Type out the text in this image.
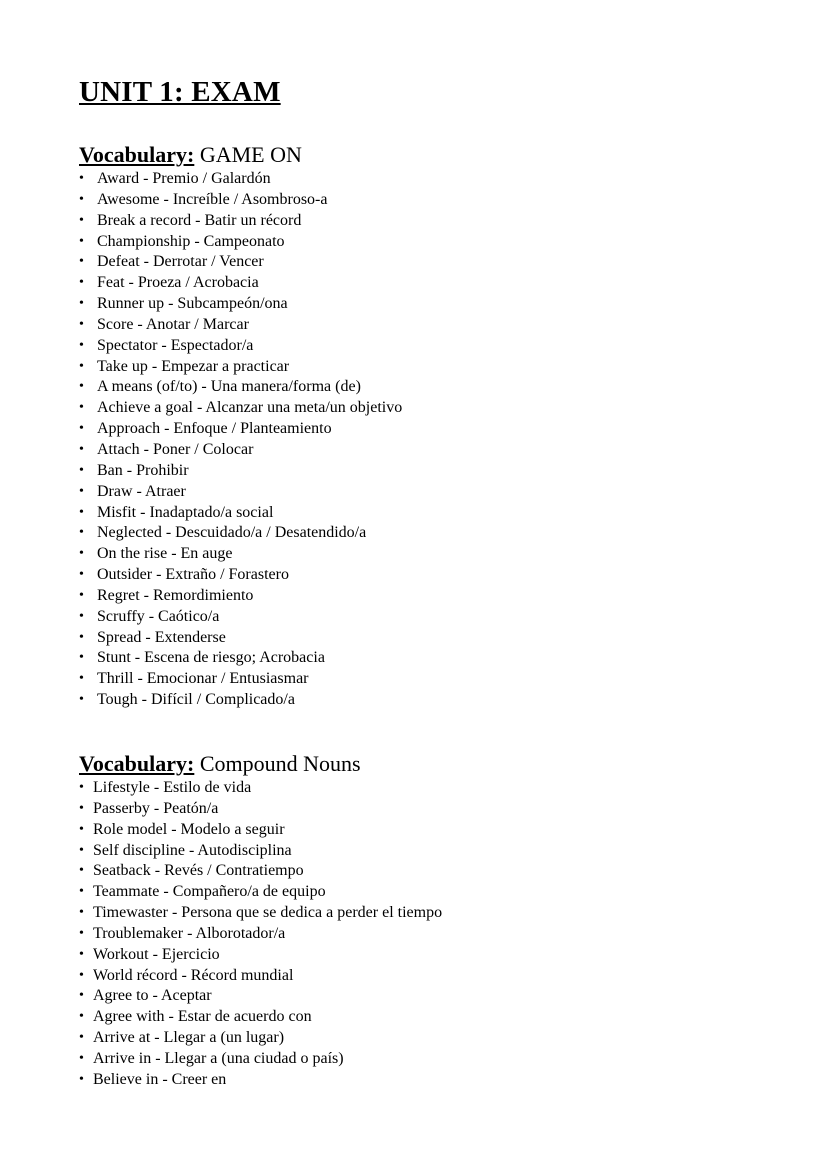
UNIT 1: EXAM
Vocabulary: GAME ON
• Award - Premio / Galardón
• Awesome - Increíble / Asombroso-a
• Break a record - Batir un récord
• Championship - Campeonato
• Defeat - Derrotar / Vencer
• Feat - Proeza / Acrobacia
• Runner up - Subcampeón/ona
• Score - Anotar / Marcar
• Spectator - Espectador/a
• Take up - Empezar a practicar
• A means (of/to) - Una manera/forma (de)
• Achieve a goal - Alcanzar una meta/un objetivo
• Approach - Enfoque / Planteamiento
• Attach - Poner / Colocar
• Ban - Prohibir
• Draw - Atraer
• Misfit - Inadaptado/a social
• Neglected - Descuidado/a / Desatendido/a
• On the rise - En auge
• Outsider - Extraño / Forastero
• Regret - Remordimiento
• Scruffy - Caótico/a
• Spread - Extenderse
• Stunt - Escena de riesgo; Acrobacia
• Thrill - Emocionar / Entusiasmar
• Tough - Difícil / Complicado/a
Vocabulary: Compound Nouns
• Lifestyle - Estilo de vida
• Passerby - Peatón/a
• Role model - Modelo a seguir
• Self discipline - Autodisciplina
• Seatback - Revés / Contratiempo
• Teammate - Compañero/a de equipo
• Timewaster - Persona que se dedica a perder el tiempo
• Troublemaker - Alborotador/a
• Workout - Ejercicio
• World récord - Récord mundial
• Agree to - Aceptar
• Agree with - Estar de acuerdo con
• Arrive at - Llegar a (un lugar)
• Arrive in - Llegar a (una ciudad o país)
• Believe in - Creer en
